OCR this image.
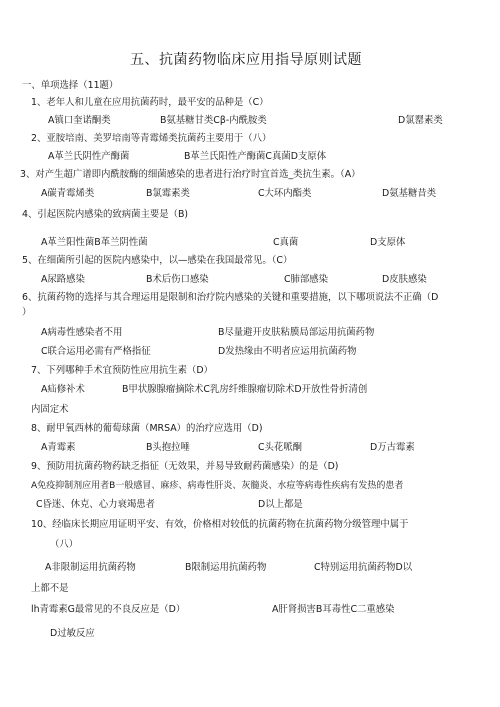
五、抗菌药物临床应用指导原则试题
一、单项选择（11题）
1、老年人和儿童在应用抗菌药时，最平安的品种是（C）
A镇口奎诺酮类	B氨基糖甘类Cβ-内酰胺类	D氯罂素类
2、亚胺培南、美罗培南等青霉烯类抗菌药主要用于（八）
A革兰氏阴性产酶菌	B革兰氏阳性产酶菌C真菌D支原体
3、对产生超广谱即内酰胺酶的细菌感染的患者进行治疗时宜首选_类抗生素。（A）
A碳青霉烯类	B氯霉素类	C大环内酯类	D氨基糖昔类
4、引起医院内感染的致病菌主要是（B)
A革兰阳性菌B革兰阴性菌	C真菌	D支原体
5、在细菌所引起的医院内感染中，以—感染在我国最常见。（C）
A尿路感染	B术后伤口感染	C肺部感染	D皮肤感染
6、抗菌药物的选择与其合理运用是限制和治疗院内感染的关键和重要措施，以下哪项说法不正确（D
）
A病毒性感染者不用	B尽量避开皮肤粘膜局部运用抗菌药物
C联合运用必需有严格指征	D发热缘由不明者应运用抗菌药物
7、下列哪种手术宜预防性应用抗生素（D）
A疝修补术	B甲状腺腺瘤摘除术C乳房纤维腺瘤切除术D开放性骨折清创
内固定术
8、耐甲氧西林的葡萄球菌（MRSA）的治疗应选用（D)
A青霉素	B头抱拉唾	C头花哌酮	D万古霉素
9、预防用抗菌药物药缺乏指征（无效果，并易导致耐药菌感染）的是（D)
A免疫抑制剂应用者B一般感冒、麻疹、病毒性肝炎、灰髓炎、水痘等病毒性疾病有发热的患者
C昏迷、休克、心力衰竭患者	D以上都是
10、经临床长期应用证明平安、有效，价格相对较低的抗菌药物在抗菌药物分级管理中属于
（八）
A非限制运用抗菌药物	B限制运用抗菌药物	C特别运用抗菌药物D以
上都不是
lh青霉素G最常见的不良反应是（D）	A肝肾损害B耳毒性C二重感染
D过敏反应
